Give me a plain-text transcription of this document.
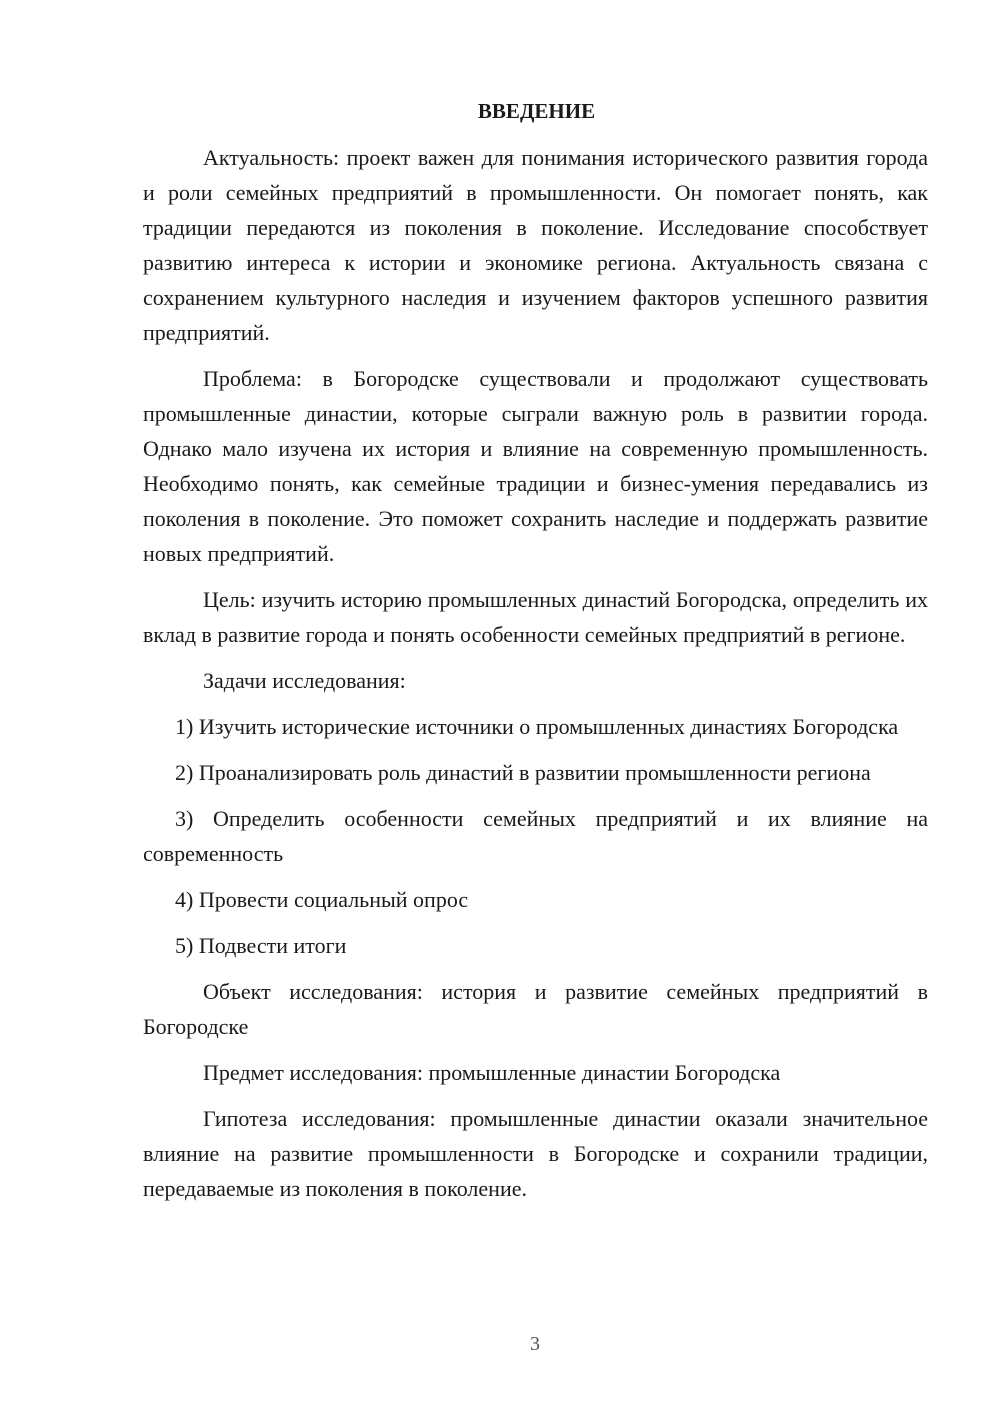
ВВЕДЕНИЕ

Актуальность: проект важен для понимания исторического развития города и роли семейных предприятий в промышленности. Он помогает понять, как традиции передаются из поколения в поколение. Исследование способствует развитию интереса к истории и экономике региона. Актуальность связана с сохранением культурного наследия и изучением факторов успешного развития предприятий.

Проблема: в Богородске существовали и продолжают существовать промышленные династии, которые сыграли важную роль в развитии города. Однако мало изучена их история и влияние на современную промышленность. Необходимо понять, как семейные традиции и бизнес-умения передавались из поколения в поколение. Это поможет сохранить наследие и поддержать развитие новых предприятий.

Цель: изучить историю промышленных династий Богородска, определить их вклад в развитие города и понять особенности семейных предприятий в регионе.

Задачи исследования:

1) Изучить исторические источники о промышленных династиях Богородска

2) Проанализировать роль династий в развитии промышленности региона

3) Определить особенности семейных предприятий и их влияние на современность

4) Провести социальный опрос

5) Подвести итоги

Объект исследования: история и развитие семейных предприятий в Богородске

Предмет исследования: промышленные династии Богородска

Гипотеза исследования: промышленные династии оказали значительное влияние на развитие промышленности в Богородске и сохранили традиции, передаваемые из поколения в поколение.

3
